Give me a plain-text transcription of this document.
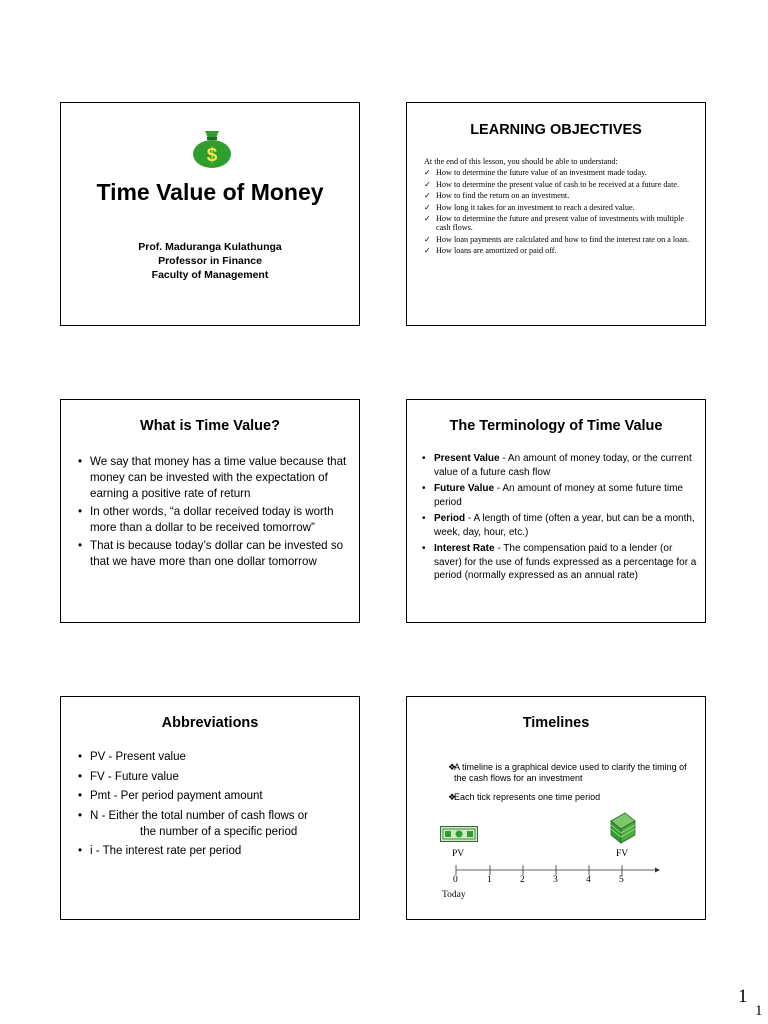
$
Time Value of Money
Prof. Maduranga Kulathunga
Professor in Finance
Faculty of Management
LEARNING OBJECTIVES
At the end of this lesson, you should be able to understand:
✓ How to determine the future value of an investment made today.
✓ How to determine the present value of cash to be received at a future date.
✓ How to find the return on an investment.
✓ How long it takes for an investment to reach a desired value.
✓ How to determine the future and present value of investments with multiple cash flows.
✓ How loan payments are calculated and how to find the interest rate on a loan.
✓ How loans are amortized or paid off.
What is Time Value?
• We say that money has a time value because that money can be invested with the expectation of earning a positive rate of return
• In other words, “a dollar received today is worth more than a dollar to be received tomorrow”
• That is because today’s dollar can be invested so that we have more than one dollar tomorrow
The Terminology of Time Value
• Present Value - An amount of money today, or the current value of a future cash flow
• Future Value - An amount of money at some future time period
• Period - A length of time (often a year, but can be a month, week, day, hour, etc.)
• Interest Rate - The compensation paid to a lender (or saver) for the use of funds expressed as a percentage for a period (normally expressed as an annual rate)
Abbreviations
• PV - Present value
• FV - Future value
• Pmt - Per period payment amount
• N - Either the total number of cash flows or
the number of a specific period
• i - The interest rate per period
Timelines
❖
A timeline is a graphical device used to clarify the timing of the cash flows for an investment
❖
Each tick represents one time period
PV	FV
0	1	2	3	4	5
Today
1
1
